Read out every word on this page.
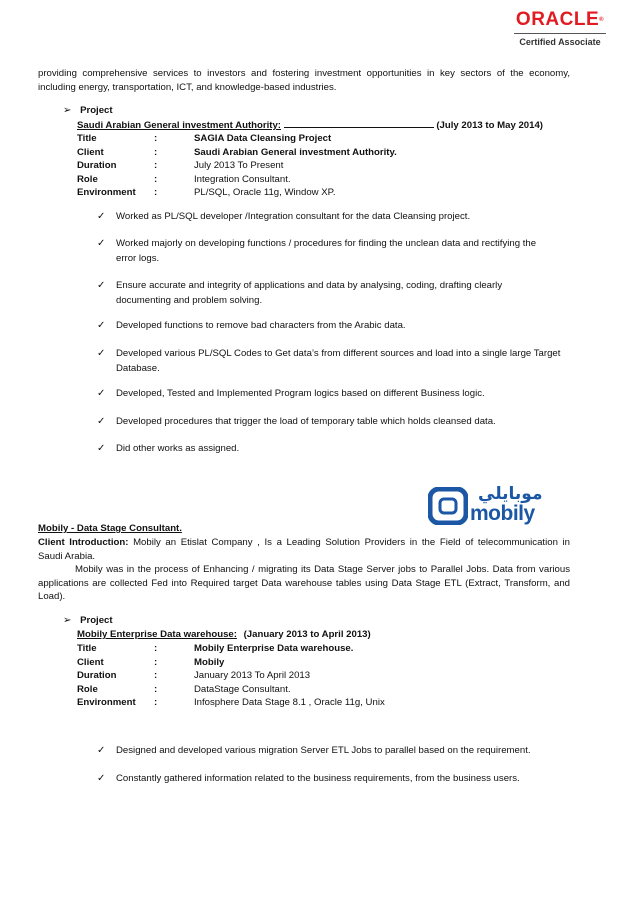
ORACLE®
Certified Associate
providing comprehensive services to investors and fostering investment opportunities in key sectors of the economy,
including energy, transportation, ICT, and knowledge-based industries.
➢ Project
Saudi Arabian General investment Authority:	(July 2013 to May 2014)
Title	:	SAGIA Data Cleansing Project
Client	:	Saudi Arabian General investment Authority.
Duration	:	July 2013 To Present
Role	:	Integration Consultant.
Environment :	PL/SQL, Oracle 11g, Window XP.
✓ Worked as PL/SQL developer /Integration consultant for the data Cleansing project.
✓ Worked majorly on developing functions / procedures for finding the unclean data and rectifying the
error logs.
✓ Ensure accurate and integrity of applications and data by analysing, coding, drafting clearly
documenting and problem solving.
✓ Developed functions to remove bad characters from the Arabic data.
✓ Developed various PL/SQL Codes to Get data’s from different sources and load into a single large Target
Database.
✓ Developed, Tested and Implemented Program logics based on different Business logic.
✓ Developed procedures that trigger the load of temporary table which holds cleansed data.
✓ Did other works as assigned.
موبايلي
mobily
Mobily - Data Stage Consultant.
Client Introduction: Mobily an Etislat Company , Is a Leading Solution Providers in the Field of telecommunication in
Saudi Arabia.
Mobily was in the process of Enhancing / migrating its Data Stage Server jobs to Parallel Jobs. Data from various
applications are collected Fed into Required target Data warehouse tables using Data Stage ETL (Extract, Transform, and
Load).
➢ Project
Mobily Enterprise Data warehouse: (January 2013 to April 2013)
Title	:	Mobily Enterprise Data warehouse.
Client	:	Mobily
Duration	:	January 2013 To April 2013
Role	:	DataStage Consultant.
Environment :	Infosphere Data Stage 8.1 , Oracle 11g, Unix
✓ Designed and developed various migration Server ETL Jobs to parallel based on the requirement.
✓ Constantly gathered information related to the business requirements, from the business users.
